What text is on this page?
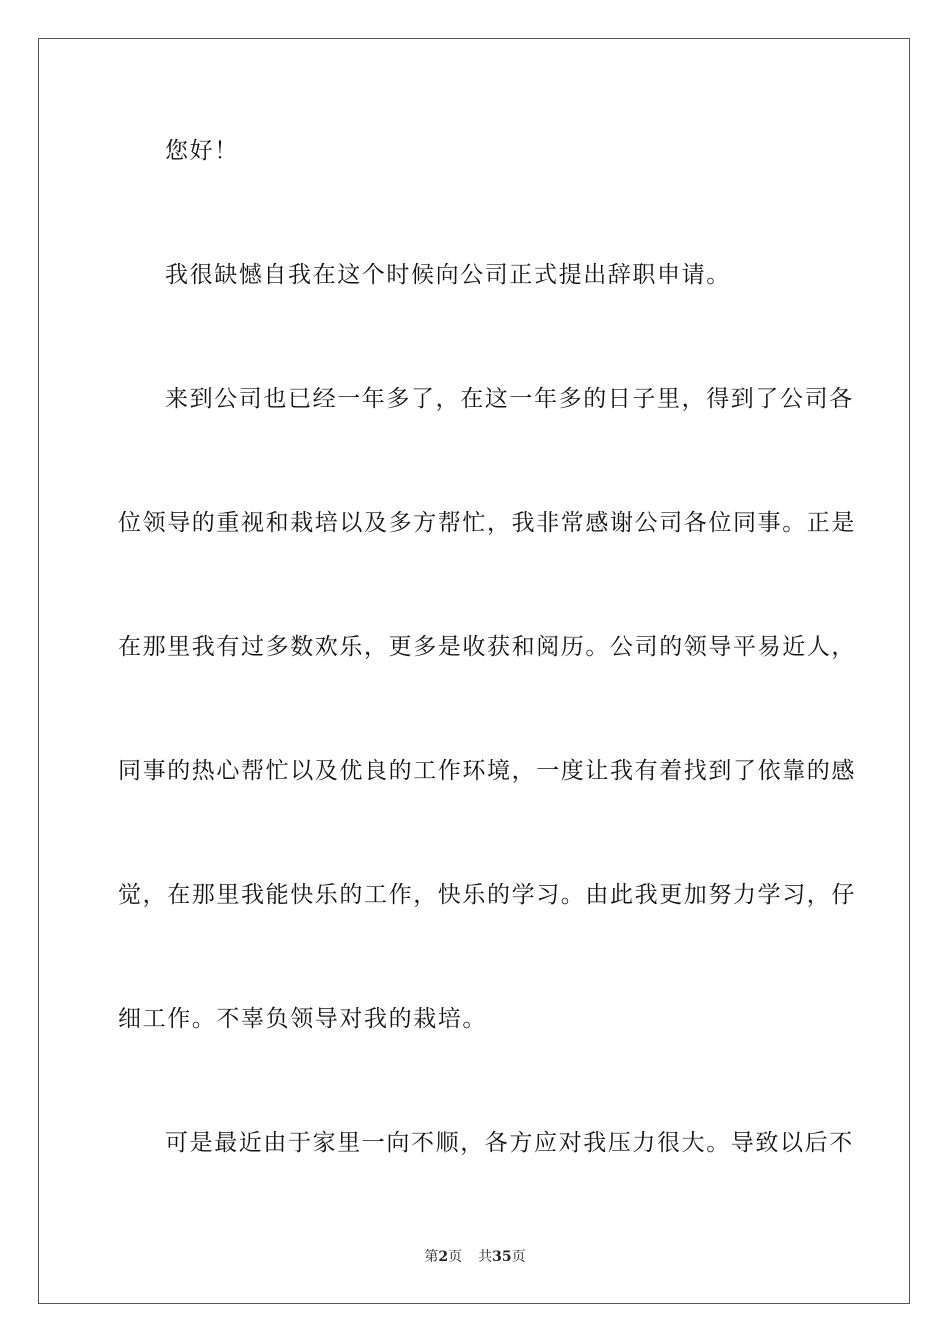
您好！
我很缺憾自我在这个时候向公司正式提出辞职申请。
来到公司也已经一年多了，在这一年多的日子里，得到了公司各
位领导的重视和栽培以及多方帮忙，我非常感谢公司各位同事。正是
在那里我有过多数欢乐，更多是收获和阅历。公司的领导平易近人，
同事的热心帮忙以及优良的工作环境，一度让我有着找到了依靠的感
觉，在那里我能快乐的工作，快乐的学习。由此我更加努力学习，仔
细工作。不辜负领导对我的栽培。
可是最近由于家里一向不顺，各方应对我压力很大。导致以后不
第2页 共35页
